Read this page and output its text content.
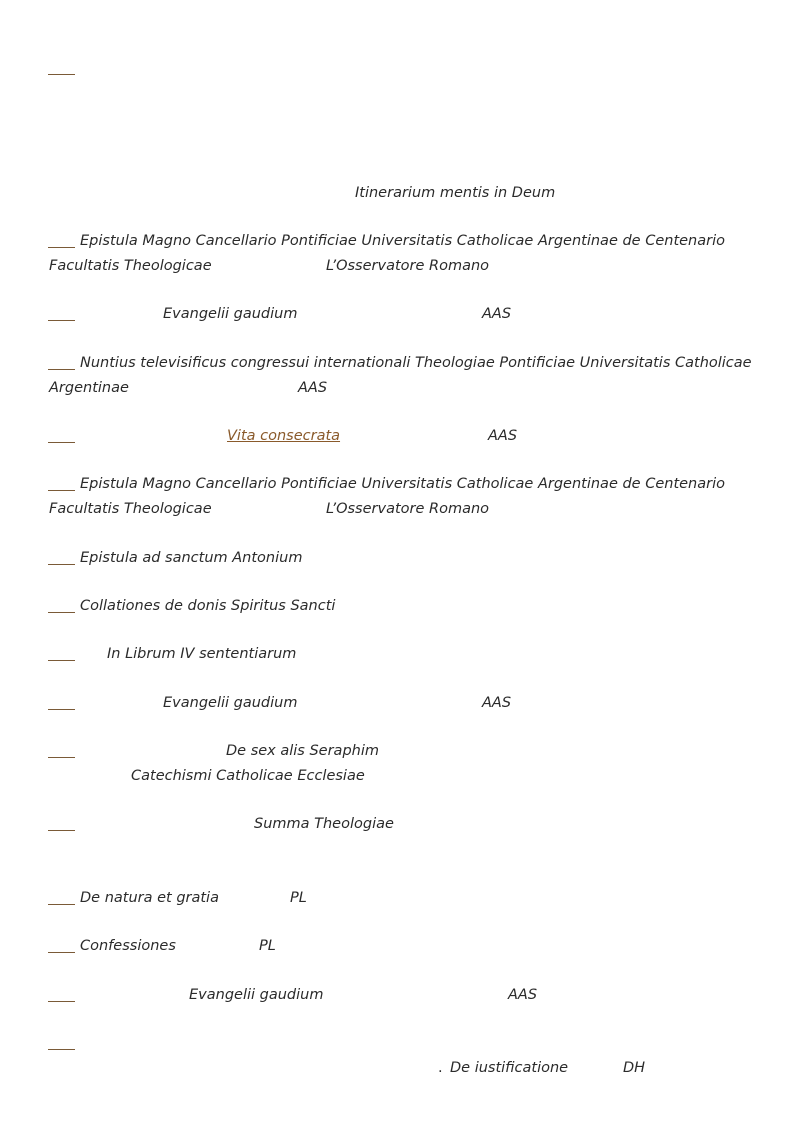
Itinerarium mentis in Deum
Epistula Magno Cancellario Pontificiae Universitatis Catholicae Argentinae de Centenario
Facultatis Theologicae	L’Osservatore Romano
Evangelii gaudium	AAS
Nuntius televisificus congressui internationali Theologiae Pontificiae Universitatis Catholicae
Argentinae	AAS
Vita consecrata	AAS
Epistula Magno Cancellario Pontificiae Universitatis Catholicae Argentinae de Centenario
Facultatis Theologicae	L’Osservatore Romano
Epistula ad sanctum Antonium
Collationes de donis Spiritus Sancti
In Librum IV sententiarum
Evangelii gaudium	AAS
De sex alis Seraphim
Catechismi Catholicae Ecclesiae
Summa Theologiae
De natura et gratia	PL
Confessiones	PL
Evangelii gaudium	AAS
. De iustificatione	DH
